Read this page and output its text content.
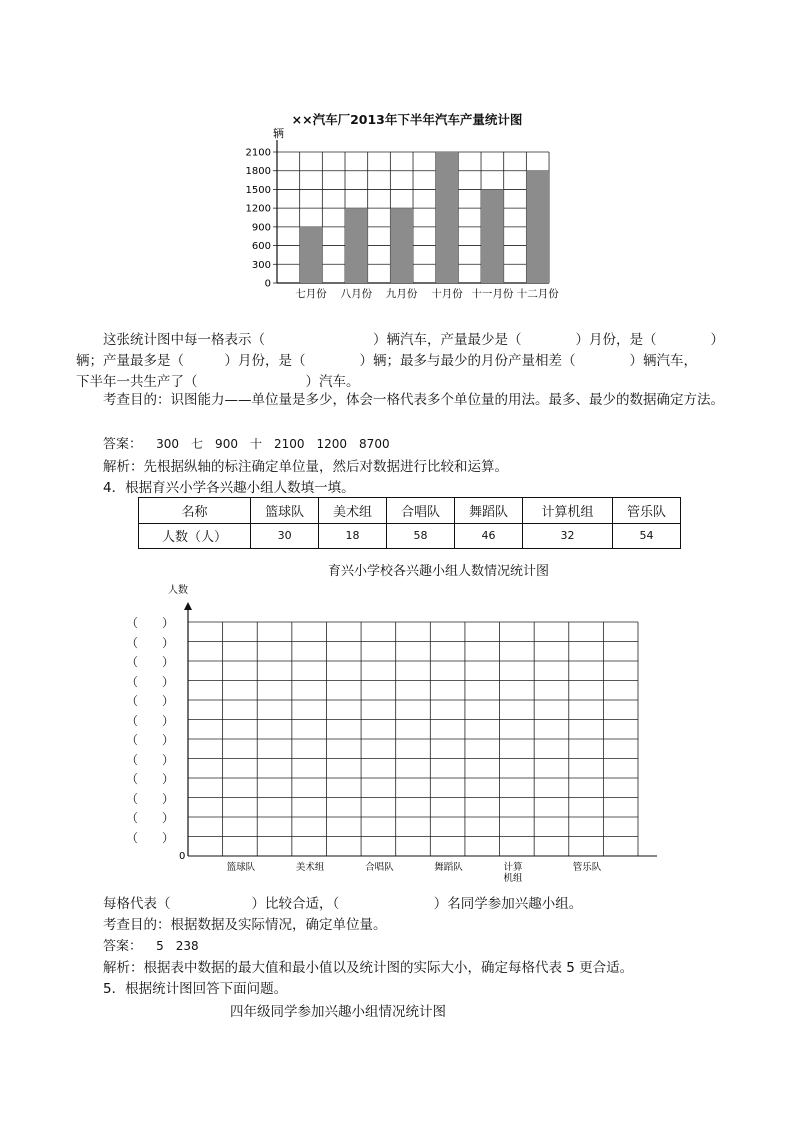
××汽车厂2013年下半年汽车产量统计图
0
300
600
900
1200
1500
1800
2100
七月份 八月份 九月份 十月份 十一月份 十二月份
辆
这张统计图中每一格表示（　　　　　　　　）辆汽车，产量最少是（　　　　）月份，是（　　　　）
辆；产量最多是（　　　）月份，是（　　　　）辆；最多与最少的月份产量相差（　　　　）辆汽车，
下半年一共生产了（　　　　　　　　）汽车。
考查目的：识图能力——单位量是多少，体会一格代表多个单位量的用法。最多、最少的数据确定方法。
答案： 300　七　900　十　2100　1200　8700
解析：先根据纵轴的标注确定单位量，然后对数据进行比较和运算。
4．根据育兴小学各兴趣小组人数填一填。
名称	篮球队	美术组	合唱队	舞蹈队	计算机组	管乐队
人数（人）	30	18	58	46	32	54
育兴小学校各兴趣小组人数情况统计图
（　　）
（　　）
（　　）
（　　）
（　　）
（　　）
（　　）
（　　）
（　　）
（　　）
（　　）
（　　）
人数
0
篮球队	美术组	合唱队	舞蹈队	计算
机组
管乐队
每格代表（　　　　　　）比较合适，（　　　　　　　）名同学参加兴趣小组。
考查目的：根据数据及实际情况，确定单位量。
答案： 5　238
解析：根据表中数据的最大值和最小值以及统计图的实际大小，确定每格代表 5 更合适。
5．根据统计图回答下面问题。
四年级同学参加兴趣小组情况统计图
